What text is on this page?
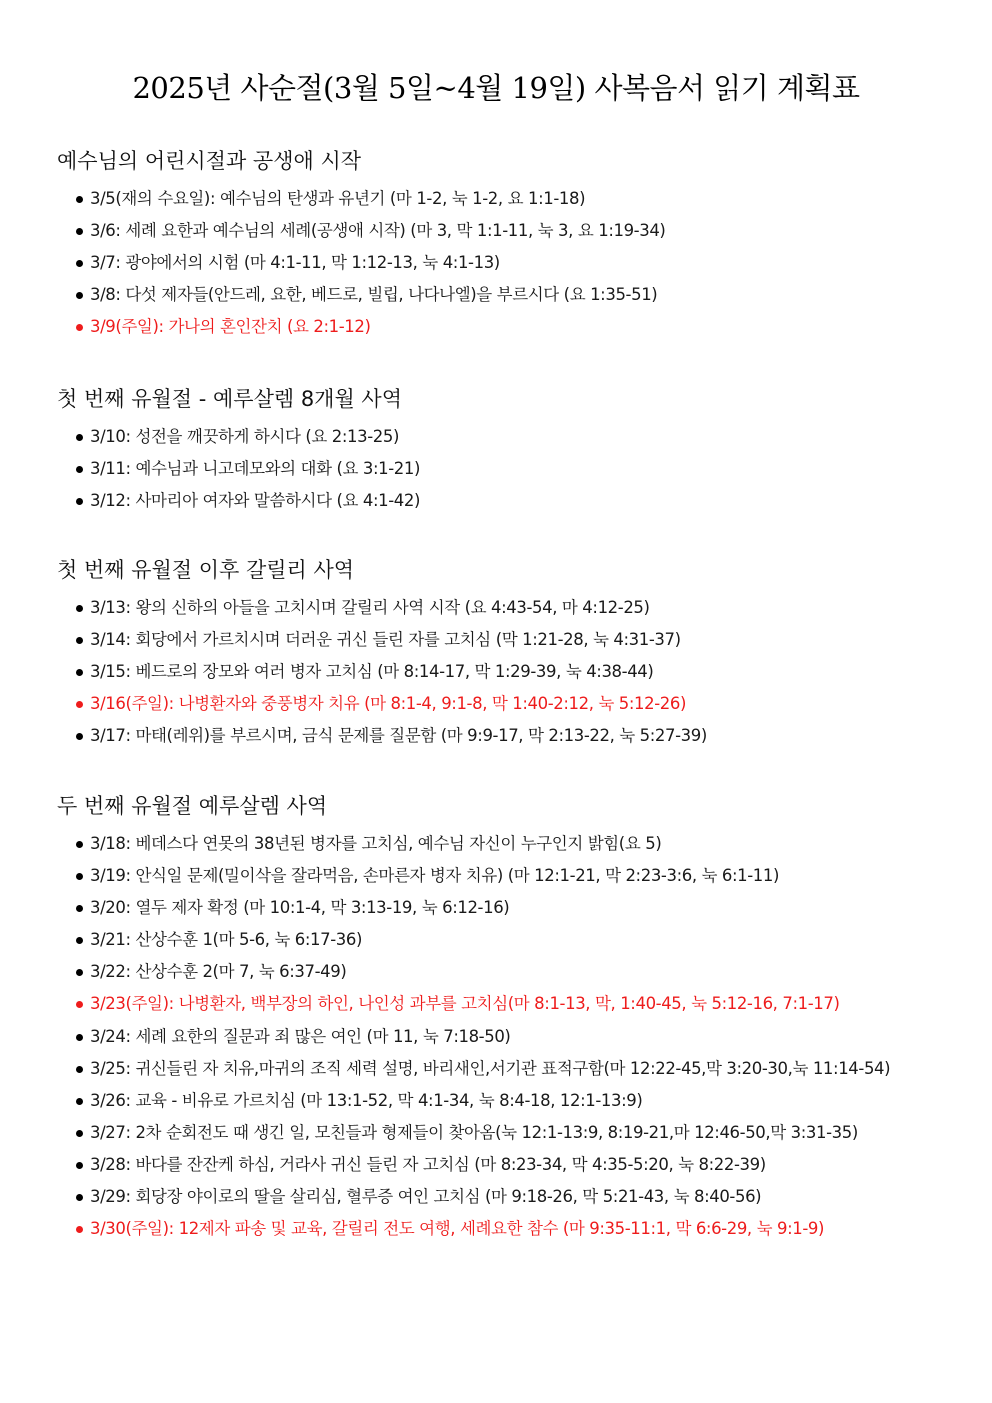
2025년 사순절(3월 5일~4월 19일) 사복음서 읽기 계획표
예수님의 어린시절과 공생애 시작
3/5(재의 수요일): 예수님의 탄생과 유년기 (마 1-2, 눅 1-2, 요 1:1-18)
3/6: 세례 요한과 예수님의 세례(공생애 시작) (마 3, 막 1:1-11, 눅 3, 요 1:19-34)
3/7: 광야에서의 시험 (마 4:1-11, 막 1:12-13, 눅 4:1-13)
3/8: 다섯 제자들(안드레, 요한, 베드로, 빌립, 나다나엘)을 부르시다 (요 1:35-51)
3/9(주일): 가나의 혼인잔치 (요 2:1-12)
첫 번째 유월절 - 예루살렘 8개월 사역
3/10: 성전을 깨끗하게 하시다 (요 2:13-25)
3/11: 예수님과 니고데모와의 대화 (요 3:1-21)
3/12: 사마리아 여자와 말씀하시다 (요 4:1-42)
첫 번째 유월절 이후 갈릴리 사역
3/13: 왕의 신하의 아들을 고치시며 갈릴리 사역 시작 (요 4:43-54, 마 4:12-25)
3/14: 회당에서 가르치시며 더러운 귀신 들린 자를 고치심 (막 1:21-28, 눅 4:31-37)
3/15: 베드로의 장모와 여러 병자 고치심 (마 8:14-17, 막 1:29-39, 눅 4:38-44)
3/16(주일): 나병환자와 중풍병자 치유 (마 8:1-4, 9:1-8, 막 1:40-2:12, 눅 5:12-26)
3/17: 마태(레위)를 부르시며, 금식 문제를 질문함 (마 9:9-17, 막 2:13-22, 눅 5:27-39)
두 번째 유월절 예루살렘 사역
3/18: 베데스다 연못의 38년된 병자를 고치심, 예수님 자신이 누구인지 밝힘(요 5)
3/19: 안식일 문제(밀이삭을 잘라먹음, 손마른자 병자 치유) (마 12:1-21, 막 2:23-3:6, 눅 6:1-11)
3/20: 열두 제자 확정 (마 10:1-4, 막 3:13-19, 눅 6:12-16)
3/21: 산상수훈 1(마 5-6, 눅 6:17-36)
3/22: 산상수훈 2(마 7, 눅 6:37-49)
3/23(주일): 나병환자, 백부장의 하인, 나인성 과부를 고치심(마 8:1-13, 막, 1:40-45, 눅 5:12-16, 7:1-17)
3/24: 세례 요한의 질문과 죄 많은 여인 (마 11, 눅 7:18-50)
3/25: 귀신들린 자 치유,마귀의 조직 세력 설명, 바리새인,서기관 표적구함(마 12:22-45,막 3:20-30,눅 11:14-54)
3/26: 교육 - 비유로 가르치심 (마 13:1-52, 막 4:1-34, 눅 8:4-18, 12:1-13:9)
3/27: 2차 순회전도 때 생긴 일, 모친들과 형제들이 찾아옴(눅 12:1-13:9, 8:19-21,마 12:46-50,막 3:31-35)
3/28: 바다를 잔잔케 하심, 거라사 귀신 들린 자 고치심 (마 8:23-34, 막 4:35-5:20, 눅 8:22-39)
3/29: 회당장 야이로의 딸을 살리심, 혈루증 여인 고치심 (마 9:18-26, 막 5:21-43, 눅 8:40-56)
3/30(주일): 12제자 파송 및 교육, 갈릴리 전도 여행, 세례요한 참수 (마 9:35-11:1, 막 6:6-29, 눅 9:1-9)
